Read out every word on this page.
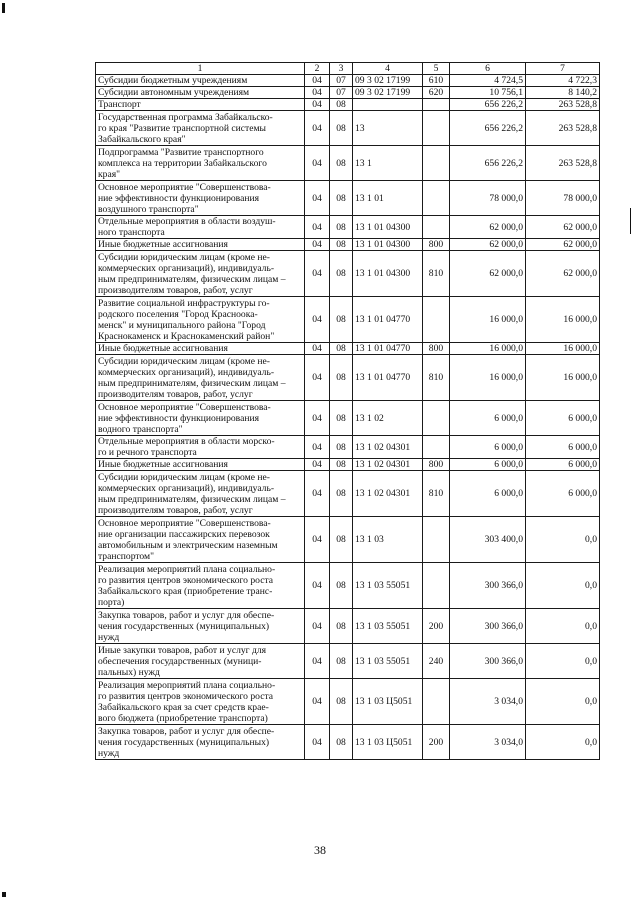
1	2	3	4	5	6	7
Субсидии бюджетным учреждениям	04	07	09 3 02 17199	610	4 724,5	4 722,3
Субсидии автономным учреждениям	04	07	09 3 02 17199	620	10 756,1	8 140,2
Транспорт	04	08			656 226,2	263 528,8
Государственная программа Забайкальско-
го края "Развитие транспортной системы
Забайкальского края"	04	08	13		656 226,2	263 528,8
Подпрограмма "Развитие транспортного
комплекса на территории Забайкальского
края"	04	08	13 1		656 226,2	263 528,8
Основное мероприятие "Совершенствова-
ние эффективности функционирования
воздушного транспорта"	04	08	13 1 01		78 000,0	78 000,0
Отдельные мероприятия в области воздуш-
ного транспорта	04	08	13 1 01 04300		62 000,0	62 000,0
Иные бюджетные ассигнования	04	08	13 1 01 04300	800	62 000,0	62 000,0
Субсидии юридическим лицам (кроме не-
коммерческих организаций), индивидуаль-
ным предпринимателям, физическим лицам –
производителям товаров, работ, услуг	04	08	13 1 01 04300	810	62 000,0	62 000,0
Развитие социальной инфраструктуры го-
родского поселения "Город Красноока-
менск" и муниципального района "Город
Краснокаменск и Краснокаменский район"	04	08	13 1 01 04770		16 000,0	16 000,0
Иные бюджетные ассигнования	04	08	13 1 01 04770	800	16 000,0	16 000,0
Субсидии юридическим лицам (кроме не-
коммерческих организаций), индивидуаль-
ным предпринимателям, физическим лицам –
производителям товаров, работ, услуг	04	08	13 1 01 04770	810	16 000,0	16 000,0
Основное мероприятие "Совершенствова-
ние эффективности функционирования
водного транспорта"	04	08	13 1 02		6 000,0	6 000,0
Отдельные мероприятия в области морско-
го и речного транспорта	04	08	13 1 02 04301		6 000,0	6 000,0
Иные бюджетные ассигнования	04	08	13 1 02 04301	800	6 000,0	6 000,0
Субсидии юридическим лицам (кроме не-
коммерческих организаций), индивидуаль-
ным предпринимателям, физическим лицам –
производителям товаров, работ, услуг	04	08	13 1 02 04301	810	6 000,0	6 000,0
Основное мероприятие "Совершенствова-
ние организации пассажирских перевозок
автомобильным и электрическим наземным
транспортом"	04	08	13 1 03		303 400,0	0,0
Реализация мероприятий плана социально-
го развития центров экономического роста
Забайкальского края (приобретение транс-
порта)	04	08	13 1 03 55051		300 366,0	0,0
Закупка товаров, работ и услуг для обеспе-
чения государственных (муниципальных)
нужд	04	08	13 1 03 55051	200	300 366,0	0,0
Иные закупки товаров, работ и услуг для
обеспечения государственных (муници-
пальных) нужд	04	08	13 1 03 55051	240	300 366,0	0,0
Реализация мероприятий плана социально-
го развития центров экономического роста
Забайкальского края за счет средств крае-
вого бюджета (приобретение транспорта)	04	08	13 1 03 Ц5051		3 034,0	0,0
Закупка товаров, работ и услуг для обеспе-
чения государственных (муниципальных)
нужд	04	08	13 1 03 Ц5051	200	3 034,0	0,0
38
